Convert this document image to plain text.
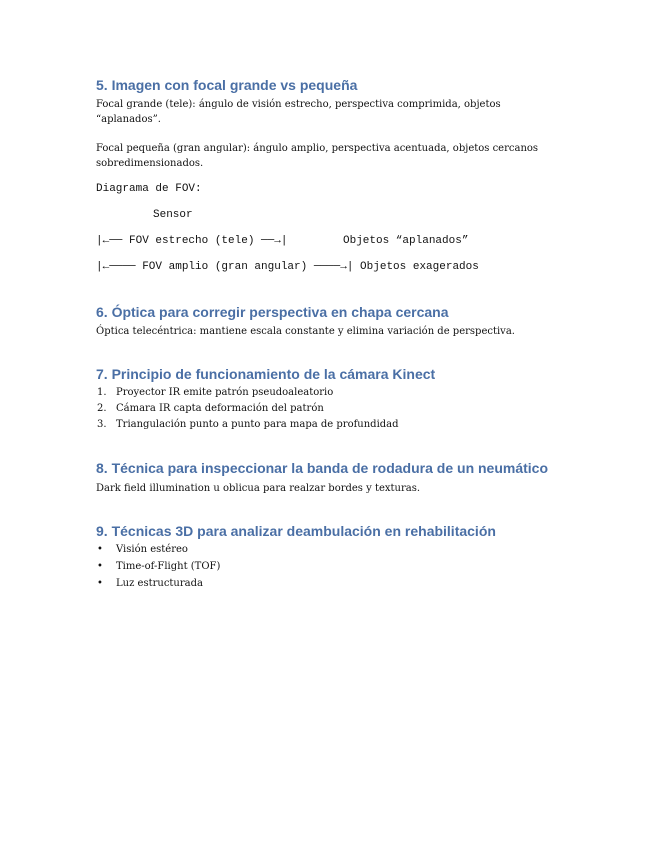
5. Imagen con focal grande vs pequeña

Focal grande (tele): ángulo de visión estrecho, perspectiva comprimida, objetos

“aplanados”.

Focal pequeña (gran angular): ángulo amplio, perspectiva acentuada, objetos cercanos

sobredimensionados.

Diagrama de FOV:

Sensor

|←── FOV estrecho (tele) ──→|	Objetos “aplanados”

|←──── FOV amplio (gran angular) ────→| Objetos exagerados

6. Óptica para corregir perspectiva en chapa cercana

Óptica telecéntrica: mantiene escala constante y elimina variación de perspectiva.

7. Principio de funcionamiento de la cámara Kinect
1. Proyector IR emite patrón pseudoaleatorio
2. Cámara IR capta deformación del patrón
3. Triangulación punto a punto para mapa de profundidad
8. Técnica para inspeccionar la banda de rodadura de un neumático

Dark field illumination u oblicua para realzar bordes y texturas.

9. Técnicas 3D para analizar deambulación en rehabilitación
• Visión estéreo
• Time-of-Flight (TOF)
• Luz estructurada
